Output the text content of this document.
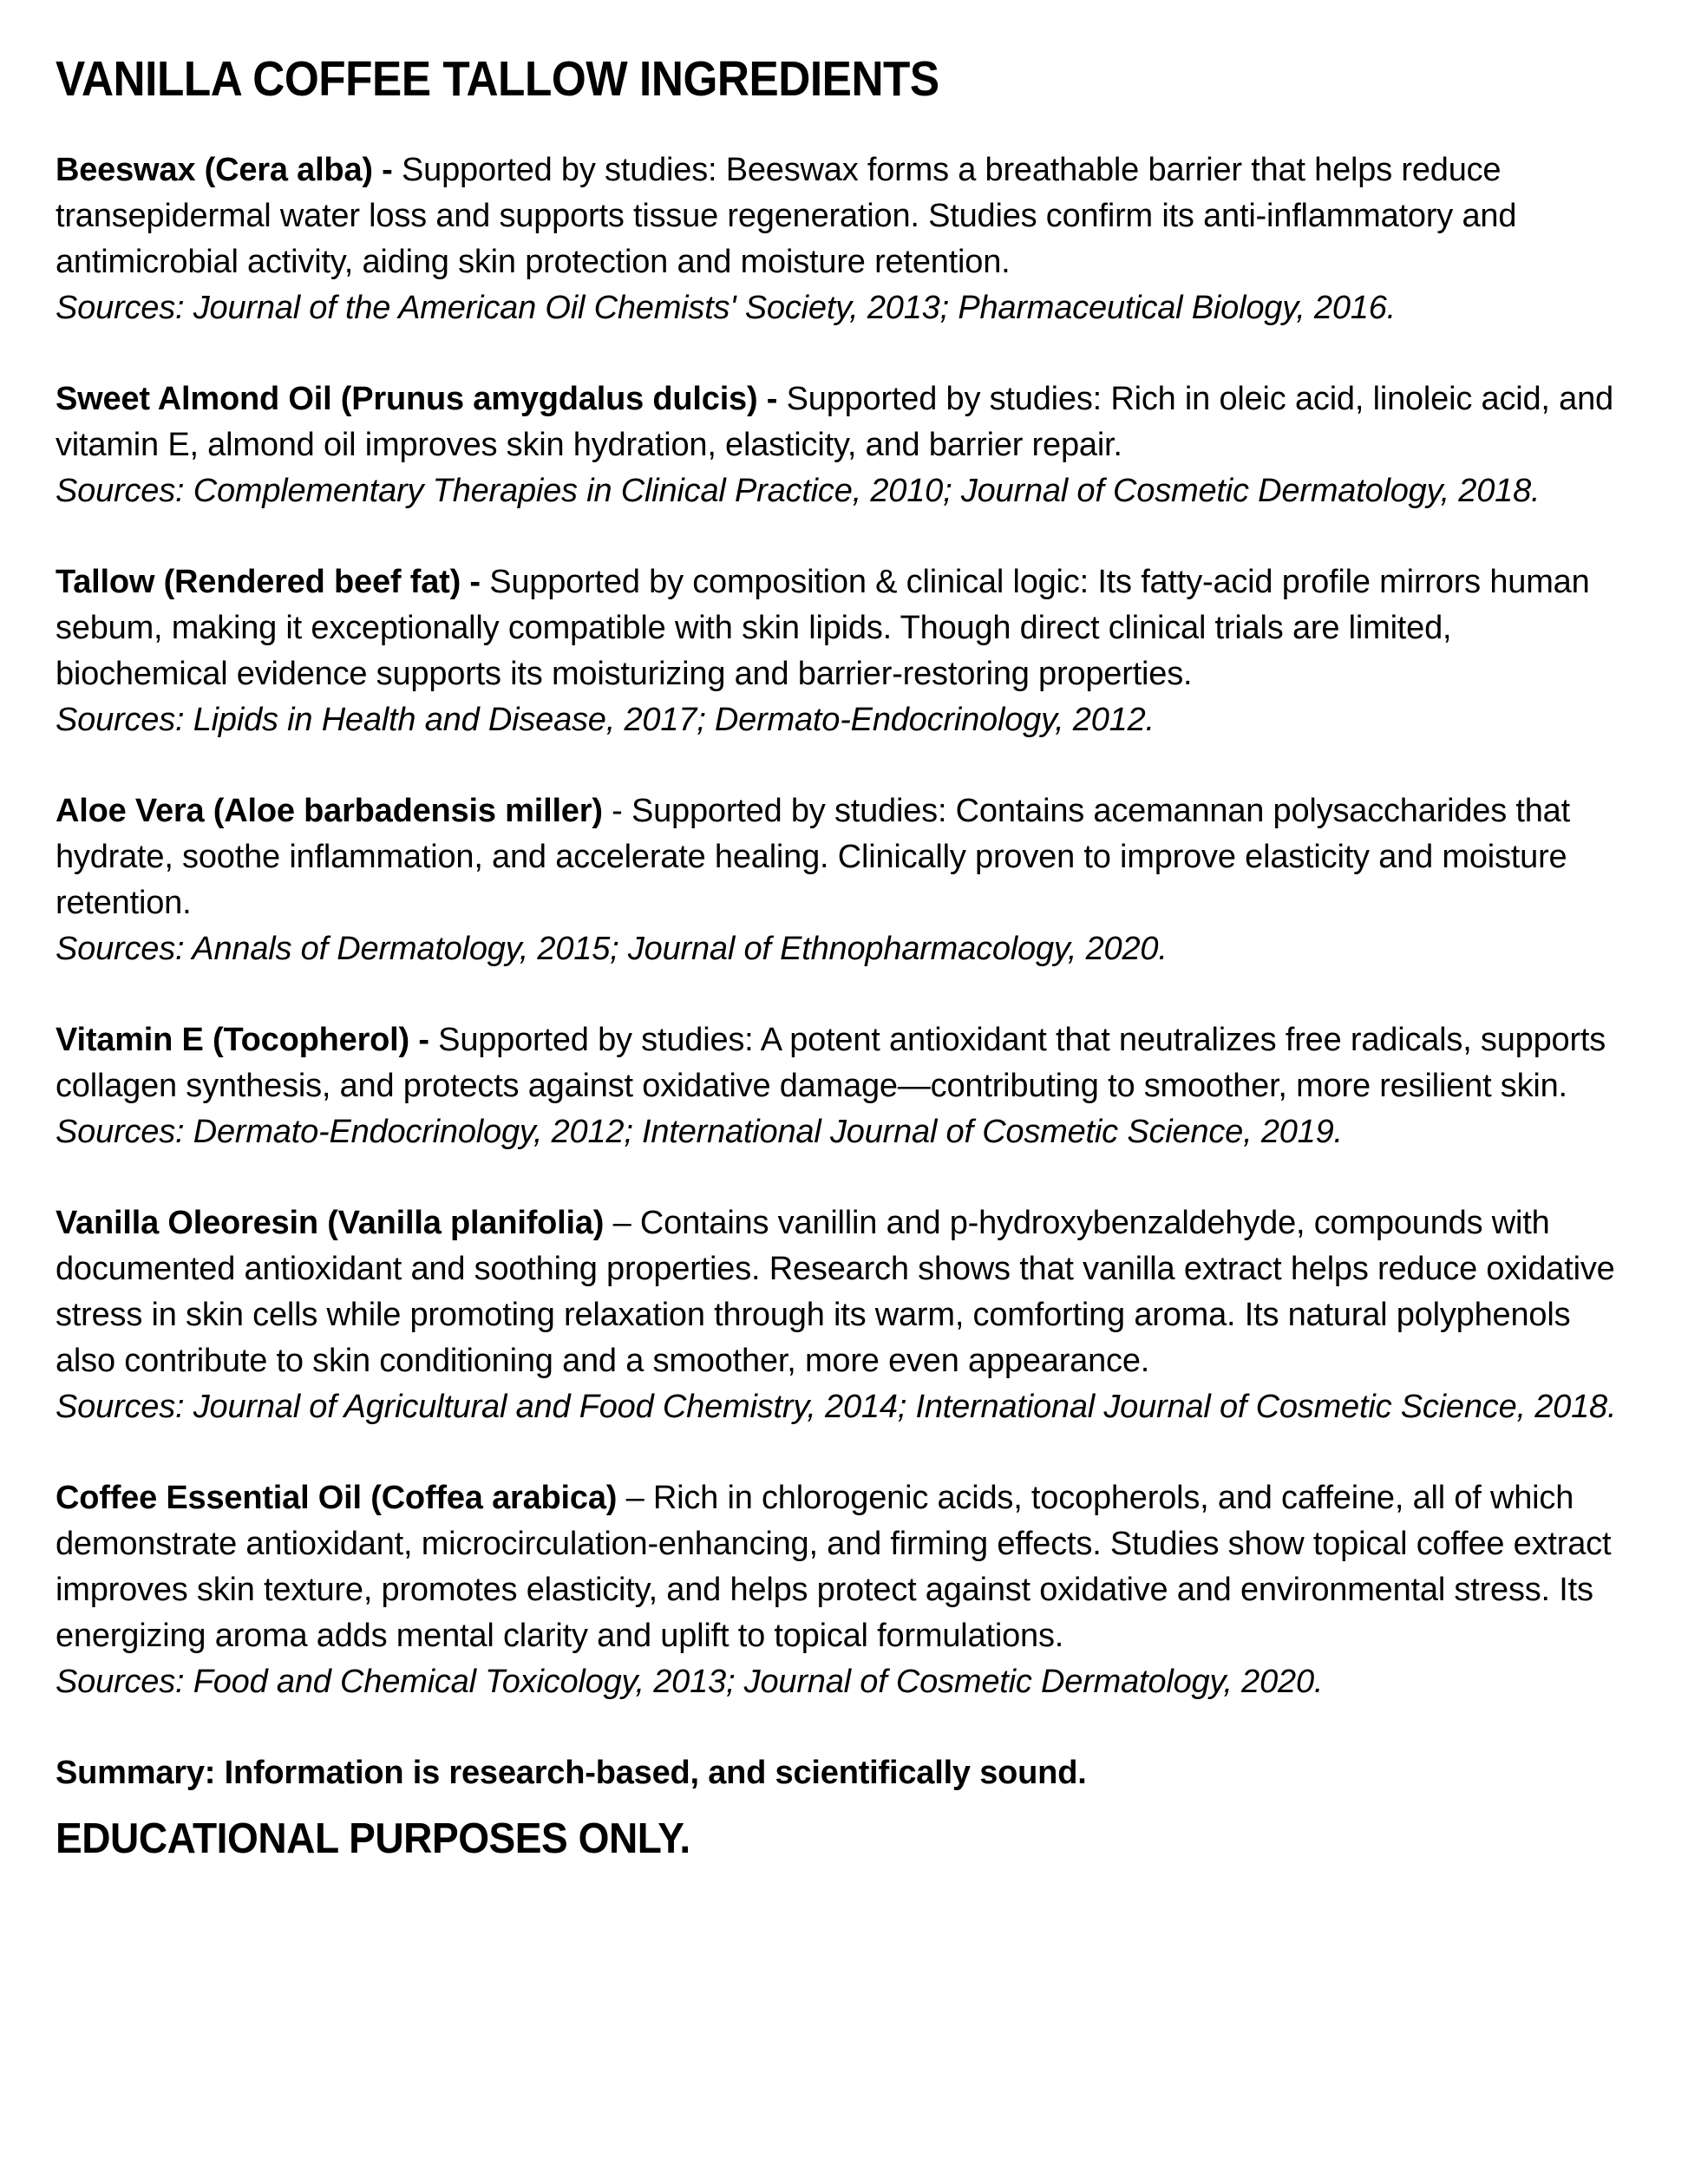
VANILLA COFFEE TALLOW INGREDIENTS

Beeswax (Cera alba) - Supported by studies: Beeswax forms a breathable barrier that helps reduce transepidermal water loss and supports tissue regeneration. Studies confirm its anti-inflammatory and antimicrobial activity, aiding skin protection and moisture retention.

Sources: Journal of the American Oil Chemists' Society, 2013; Pharmaceutical Biology, 2016.

Sweet Almond Oil (Prunus amygdalus dulcis) - Supported by studies: Rich in oleic acid, linoleic acid, and vitamin E, almond oil improves skin hydration, elasticity, and barrier repair.

Sources: Complementary Therapies in Clinical Practice, 2010; Journal of Cosmetic Dermatology, 2018.

Tallow (Rendered beef fat) - Supported by composition & clinical logic: Its fatty-acid profile mirrors human sebum, making it exceptionally compatible with skin lipids. Though direct clinical trials are limited, biochemical evidence supports its moisturizing and barrier-restoring properties.

Sources: Lipids in Health and Disease, 2017; Dermato-Endocrinology, 2012.

Aloe Vera (Aloe barbadensis miller) - Supported by studies: Contains acemannan polysaccharides that hydrate, soothe inflammation, and accelerate healing. Clinically proven to improve elasticity and moisture retention.

Sources: Annals of Dermatology, 2015; Journal of Ethnopharmacology, 2020.

Vitamin E (Tocopherol) - Supported by studies: A potent antioxidant that neutralizes free radicals, supports collagen synthesis, and protects against oxidative damage—contributing to smoother, more resilient skin.

Sources: Dermato-Endocrinology, 2012; International Journal of Cosmetic Science, 2019.

Vanilla Oleoresin (Vanilla planifolia) – Contains vanillin and p-hydroxybenzaldehyde, compounds with documented antioxidant and soothing properties. Research shows that vanilla extract helps reduce oxidative stress in skin cells while promoting relaxation through its warm, comforting aroma. Its natural polyphenols also contribute to skin conditioning and a smoother, more even appearance.

Sources: Journal of Agricultural and Food Chemistry, 2014; International Journal of Cosmetic Science, 2018.

Coffee Essential Oil (Coffea arabica) – Rich in chlorogenic acids, tocopherols, and caffeine, all of which demonstrate antioxidant, microcirculation-enhancing, and firming effects. Studies show topical coffee extract improves skin texture, promotes elasticity, and helps protect against oxidative and environmental stress. Its energizing aroma adds mental clarity and uplift to topical formulations.

Sources: Food and Chemical Toxicology, 2013; Journal of Cosmetic Dermatology, 2020.

Summary: Information is research-based, and scientifically sound.

EDUCATIONAL PURPOSES ONLY.
